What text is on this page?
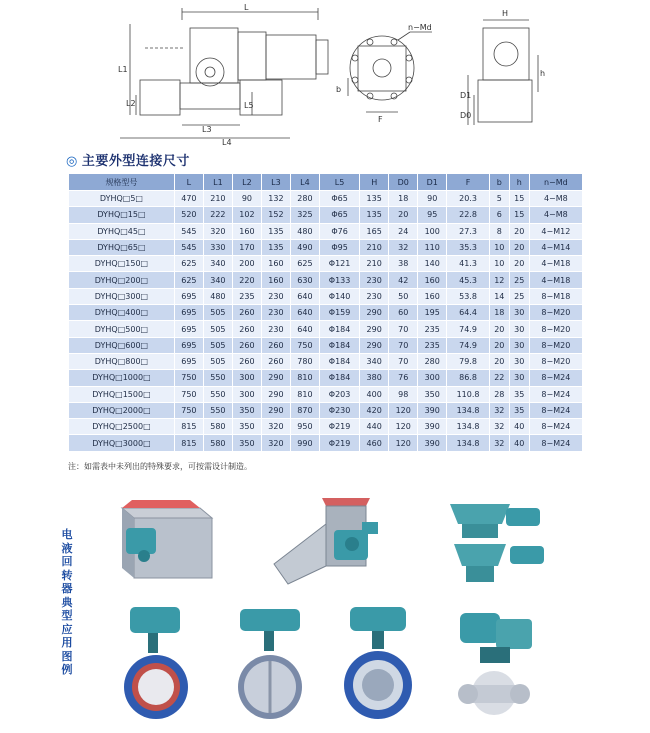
L
L1
L2
L3
L4
L5
n−Md
b
F
H
D1
D0
h
◎ 主要外型连接尺寸
规格型号	L	L1	L2	L3	L4	L5	H	D0	D1	F	b	h	n−Md
DYHQ□5□	470	210	90	132	280	Φ65	135	18	90	20.3	5	15	4−M8
DYHQ□15□	520	222	102	152	325	Φ65	135	20	95	22.8	6	15	4−M8
DYHQ□45□	545	320	160	135	480	Φ76	165	24	100	27.3	8	20	4−M12
DYHQ□65□	545	330	170	135	490	Φ95	210	32	110	35.3	10	20	4−M14
DYHQ□150□	625	340	200	160	625	Φ121	210	38	140	41.3	10	20	4−M18
DYHQ□200□	625	340	220	160	630	Φ133	230	42	160	45.3	12	25	4−M18
DYHQ□300□	695	480	235	230	640	Φ140	230	50	160	53.8	14	25	8−M18
DYHQ□400□	695	505	260	230	640	Φ159	290	60	195	64.4	18	30	8−M20
DYHQ□500□	695	505	260	230	640	Φ184	290	70	235	74.9	20	30	8−M20
DYHQ□600□	695	505	260	260	750	Φ184	290	70	235	74.9	20	30	8−M20
DYHQ□800□	695	505	260	260	780	Φ184	340	70	280	79.8	20	30	8−M20
DYHQ□1000□	750	550	300	290	810	Φ184	380	76	300	86.8	22	30	8−M24
DYHQ□1500□	750	550	300	290	810	Φ203	400	98	350	110.8	28	35	8−M24
DYHQ□2000□	750	550	350	290	870	Φ230	420	120	390	134.8	32	35	8−M24
DYHQ□2500□	815	580	350	320	950	Φ219	440	120	390	134.8	32	40	8−M24
DYHQ□3000□	815	580	350	320	990	Φ219	460	120	390	134.8	32	40	8−M24
注：如需表中未列出的特殊要求，可按需设计制造。
电液回转器典型应用图例
